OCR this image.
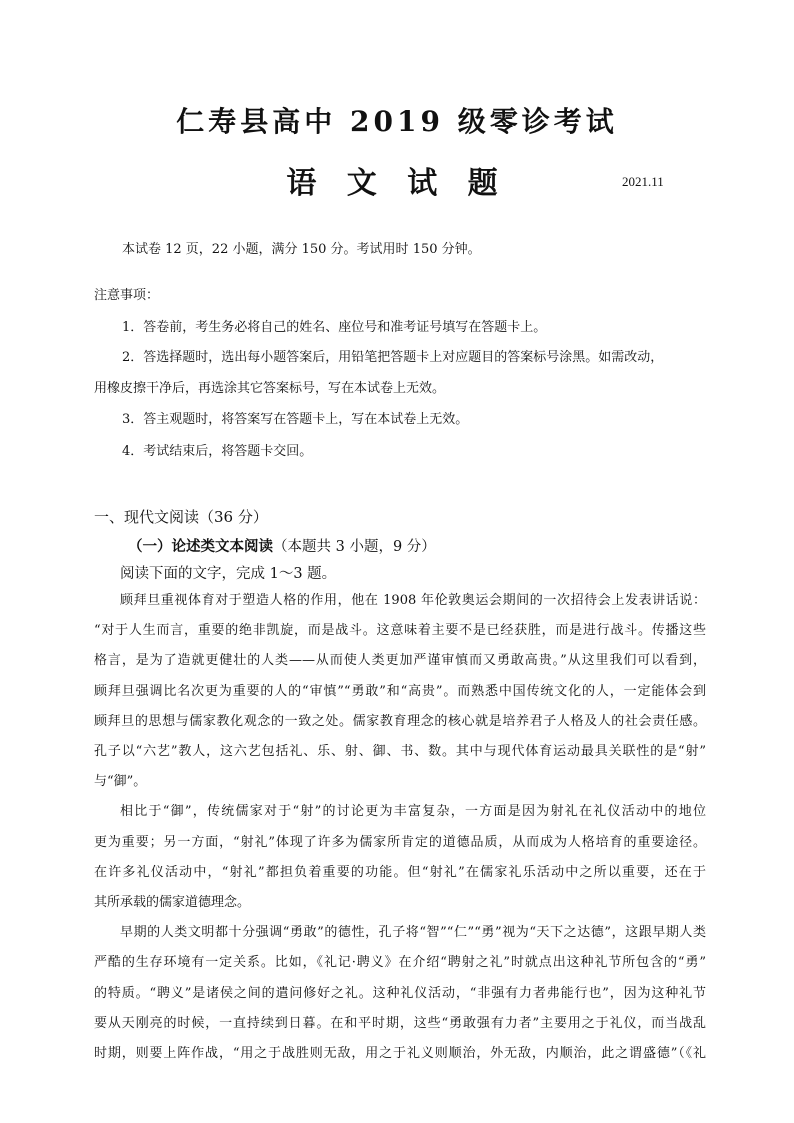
仁寿县高中 2019 级零诊考试
语 文 试 题	2021.11
本试卷 12 页，22 小题，满分 150 分。考试用时 150 分钟。
注意事项：
1．答卷前，考生务必将自己的姓名、座位号和准考证号填写在答题卡上。
2．答选择题时，选出每小题答案后，用铅笔把答题卡上对应题目的答案标号涂黑。如需改动，
用橡皮擦干净后，再选涂其它答案标号，写在本试卷上无效。
3．答主观题时，将答案写在答题卡上，写在本试卷上无效。
4．考试结束后，将答题卡交回。
一、现代文阅读（36 分）
（一）论述类文本阅读（本题共 3 小题，9 分）
阅读下面的文字，完成 1～3 题。

顾拜旦重视体育对于塑造人格的作用，他在 1908 年伦敦奥运会期间的一次招待会上发表讲话说：
“对于人生而言，重要的绝非凯旋，而是战斗。这意味着主要不是已经获胜，而是进行战斗。传播这些
格言，是为了造就更健壮的人类——从而使人类更加严谨审慎而又勇敢高贵。”从这里我们可以看到，
顾拜旦强调比名次更为重要的人的“审慎”“勇敢”和“高贵”。而熟悉中国传统文化的人，一定能体会到
顾拜旦的思想与儒家教化观念的一致之处。儒家教育理念的核心就是培养君子人格及人的社会责任感。
孔子以“六艺”教人，这六艺包括礼、乐、射、御、书、数。其中与现代体育运动最具关联性的是“射”
与“御”。

相比于“御”，传统儒家对于“射”的讨论更为丰富复杂，一方面是因为射礼在礼仪活动中的地位
更为重要；另一方面，“射礼”体现了许多为儒家所肯定的道德品质，从而成为人格培育的重要途径。
在许多礼仪活动中，“射礼”都担负着重要的功能。但“射礼”在儒家礼乐活动中之所以重要，还在于
其所承载的儒家道德理念。

早期的人类文明都十分强调“勇敢”的德性，孔子将“智”“仁”“勇”视为“天下之达德”，这跟早期人类
严酷的生存环境有一定关系。比如，《礼记·聘义》在介绍“聘射之礼”时就点出这种礼节所包含的“勇”
的特质。“聘义”是诸侯之间的遣问修好之礼。这种礼仪活动，“非强有力者弗能行也”，因为这种礼节
要从天刚亮的时候，一直持续到日暮。在和平时期，这些“勇敢强有力者”主要用之于礼仪，而当战乱
时期，则要上阵作战，“用之于战胜则无敌，用之于礼义则顺治，外无敌，内顺治，此之谓盛德”（《礼
